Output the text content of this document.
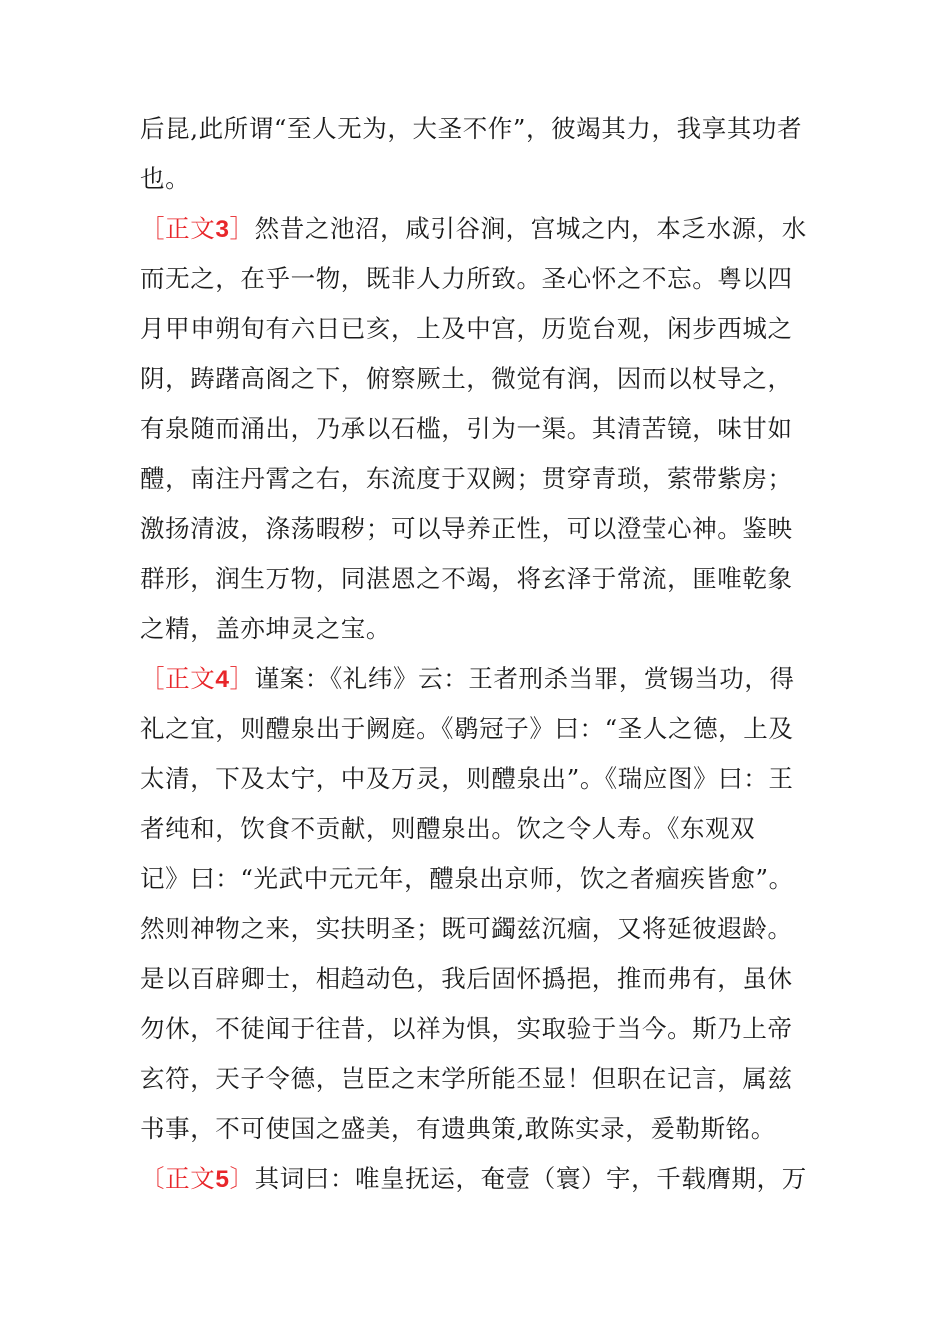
后昆,此所谓“至人无为，大圣不作”，彼竭其力，我享其功者
也。
［正文3］然昔之池沼，咸引谷涧，宫城之内，本乏水源，水
而无之，在乎一物，既非人力所致。圣心怀之不忘。粤以四
月甲申朔旬有六日已亥，上及中宫，历览台观，闲步西城之
阴，踌躇高阁之下，俯察厥土，微觉有润，因而以杖导之，
有泉随而涌出，乃承以石槛，引为一渠。其清苦镜，味甘如
醴，南注丹霄之右，东流度于双阙；贯穿青琐，萦带紫房；
激扬清波，涤荡暇秽；可以导养正性，可以澄莹心神。鉴映
群形，润生万物，同湛恩之不竭，将玄泽于常流，匪唯乾象
之精，盖亦坤灵之宝。
［正文4］谨案：《礼纬》云：王者刑杀当罪，赏锡当功，得
礼之宜，则醴泉出于阙庭。《鹖冠子》曰：“圣人之德，上及
太清，下及太宁，中及万灵，则醴泉出”。《瑞应图》曰：王
者纯和，饮食不贡献，则醴泉出。饮之令人寿。《东观双
记》曰：“光武中元元年，醴泉出京师，饮之者痼疾皆愈”。
然则神物之来，实扶明圣；既可蠲兹沉痼，又将延彼遐龄。
是以百辟卿士，相趋动色，我后固怀撝挹，推而弗有，虽休
勿休，不徒闻于往昔，以祥为惧，实取验于当今。斯乃上帝
玄符，天子令德，岂臣之末学所能丕显！但职在记言，属兹
书事，不可使国之盛美，有遗典策,敢陈实录，爰勒斯铭。
〔正文5〕其词曰：唯皇抚运，奄壹（寰）宇，千载膺期，万
